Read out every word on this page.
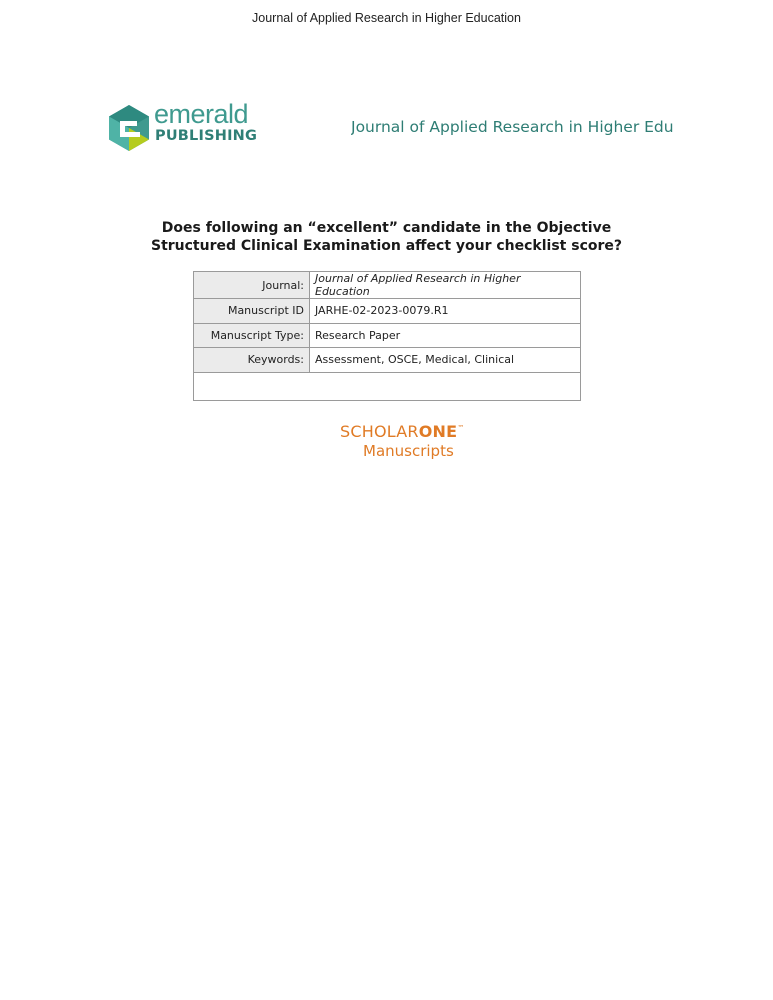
Journal of Applied Research in Higher Education
emerald
PUBLISHING	Journal of Applied Research in Higher Edu
Does following an “excellent” candidate in the Objective
Structured Clinical Examination affect your checklist score?
Journal:	Journal of Applied Research in Higher Education
Manuscript ID	JARHE-02-2023-0079.R1
Manuscript Type:	Research Paper
Keywords:	Assessment, OSCE, Medical, Clinical

SCHOLARONE™
Manuscripts
